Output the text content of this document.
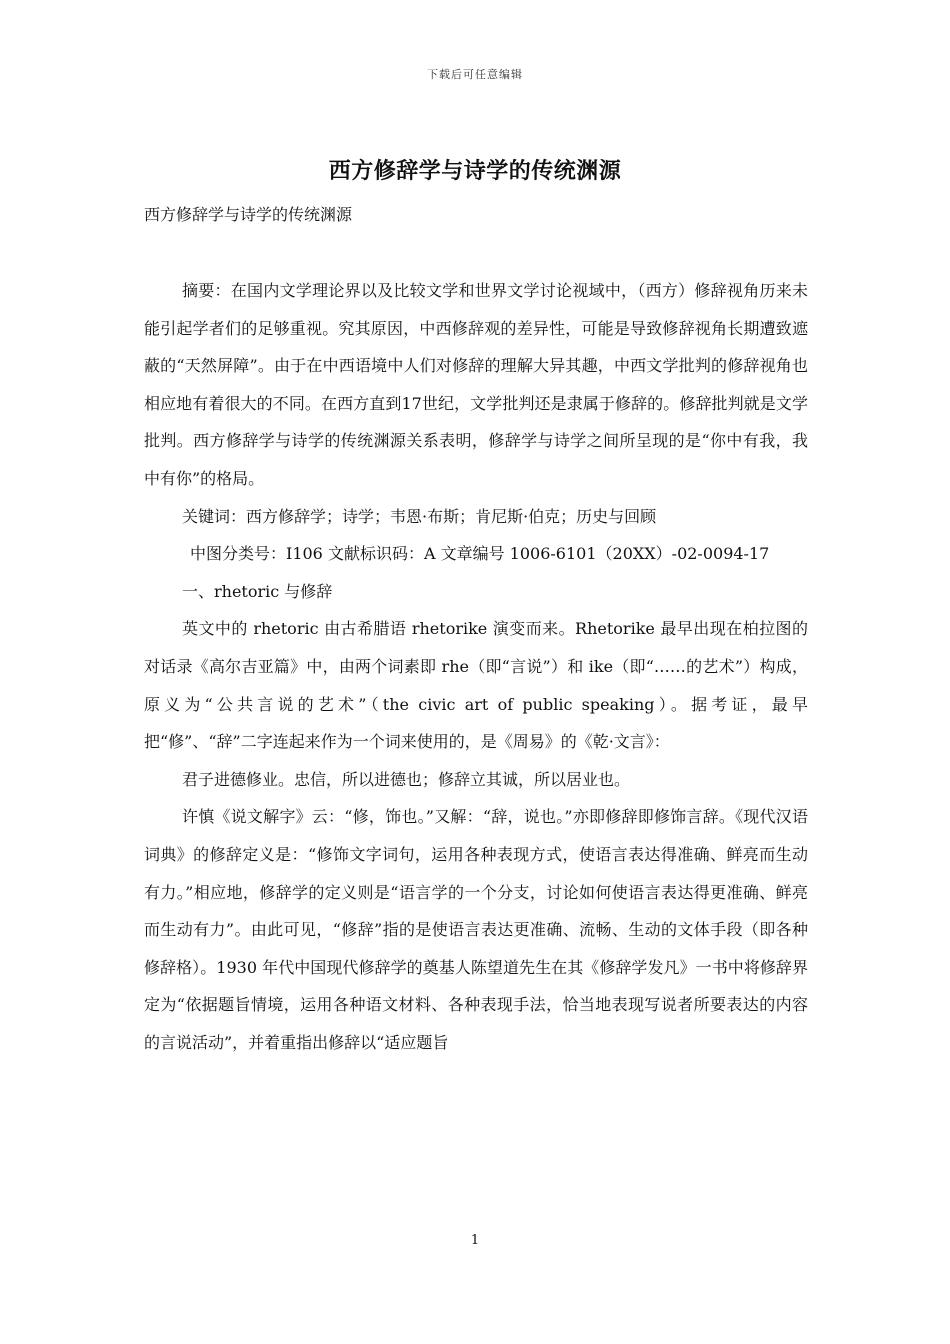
下载后可任意编辑
西方修辞学与诗学的传统渊源
西方修辞学与诗学的传统渊源

摘要：在国内文学理论界以及比较文学和世界文学讨论视域中，（西方）修辞视角历来未能引起学者们的足够重视。究其原因，中西修辞观的差异性，可能是导致修辞视角长期遭致遮蔽的“天然屏障”。由于在中西语境中人们对修辞的理解大异其趣，中西文学批判的修辞视角也相应地有着很大的不同。在西方直到17世纪，文学批判还是隶属于修辞的。修辞批判就是文学批判。西方修辞学与诗学的传统渊源关系表明，修辞学与诗学之间所呈现的是“你中有我，我中有你”的格局。

关键词：西方修辞学；诗学；韦恩·布斯；肯尼斯·伯克；历史与回顾

中图分类号：I106 文献标识码：A 文章编号 1006-6101（20XX）-02-0094-17

一、rhetoric 与修辞

英文中的 rhetoric 由古希腊语 rhetorike 演变而来。Rhetorike 最早出现在柏拉图的对话录《高尔吉亚篇》中，由两个词素即 rhe（即“言说”）和 ike（即“……的艺术”）构成，原义为“公共言说的艺术”（the civic art of public speaking）。据考证，最早把“修”、“辞”二字连起来作为一个词来使用的，是《周易》的《乾·文言》：

君子进德修业。忠信，所以进德也；修辞立其诚，所以居业也。

许慎《说文解字》云：“修，饰也。”又解：“辞，说也。”亦即修辞即修饰言辞。《现代汉语词典》的修辞定义是：“修饰文字词句，运用各种表现方式，使语言表达得准确、鲜亮而生动有力。”相应地，修辞学的定义则是“语言学的一个分支，讨论如何使语言表达得更准确、鲜亮而生动有力”。由此可见，“修辞”指的是使语言表达更准确、流畅、生动的文体手段（即各种修辞格）。1930 年代中国现代修辞学的奠基人陈望道先生在其《修辞学发凡》一书中将修辞界定为“依据题旨情境，运用各种语文材料、各种表现手法，恰当地表现写说者所要表达的内容的言说活动”，并着重指出修辞以“适应题旨

1
